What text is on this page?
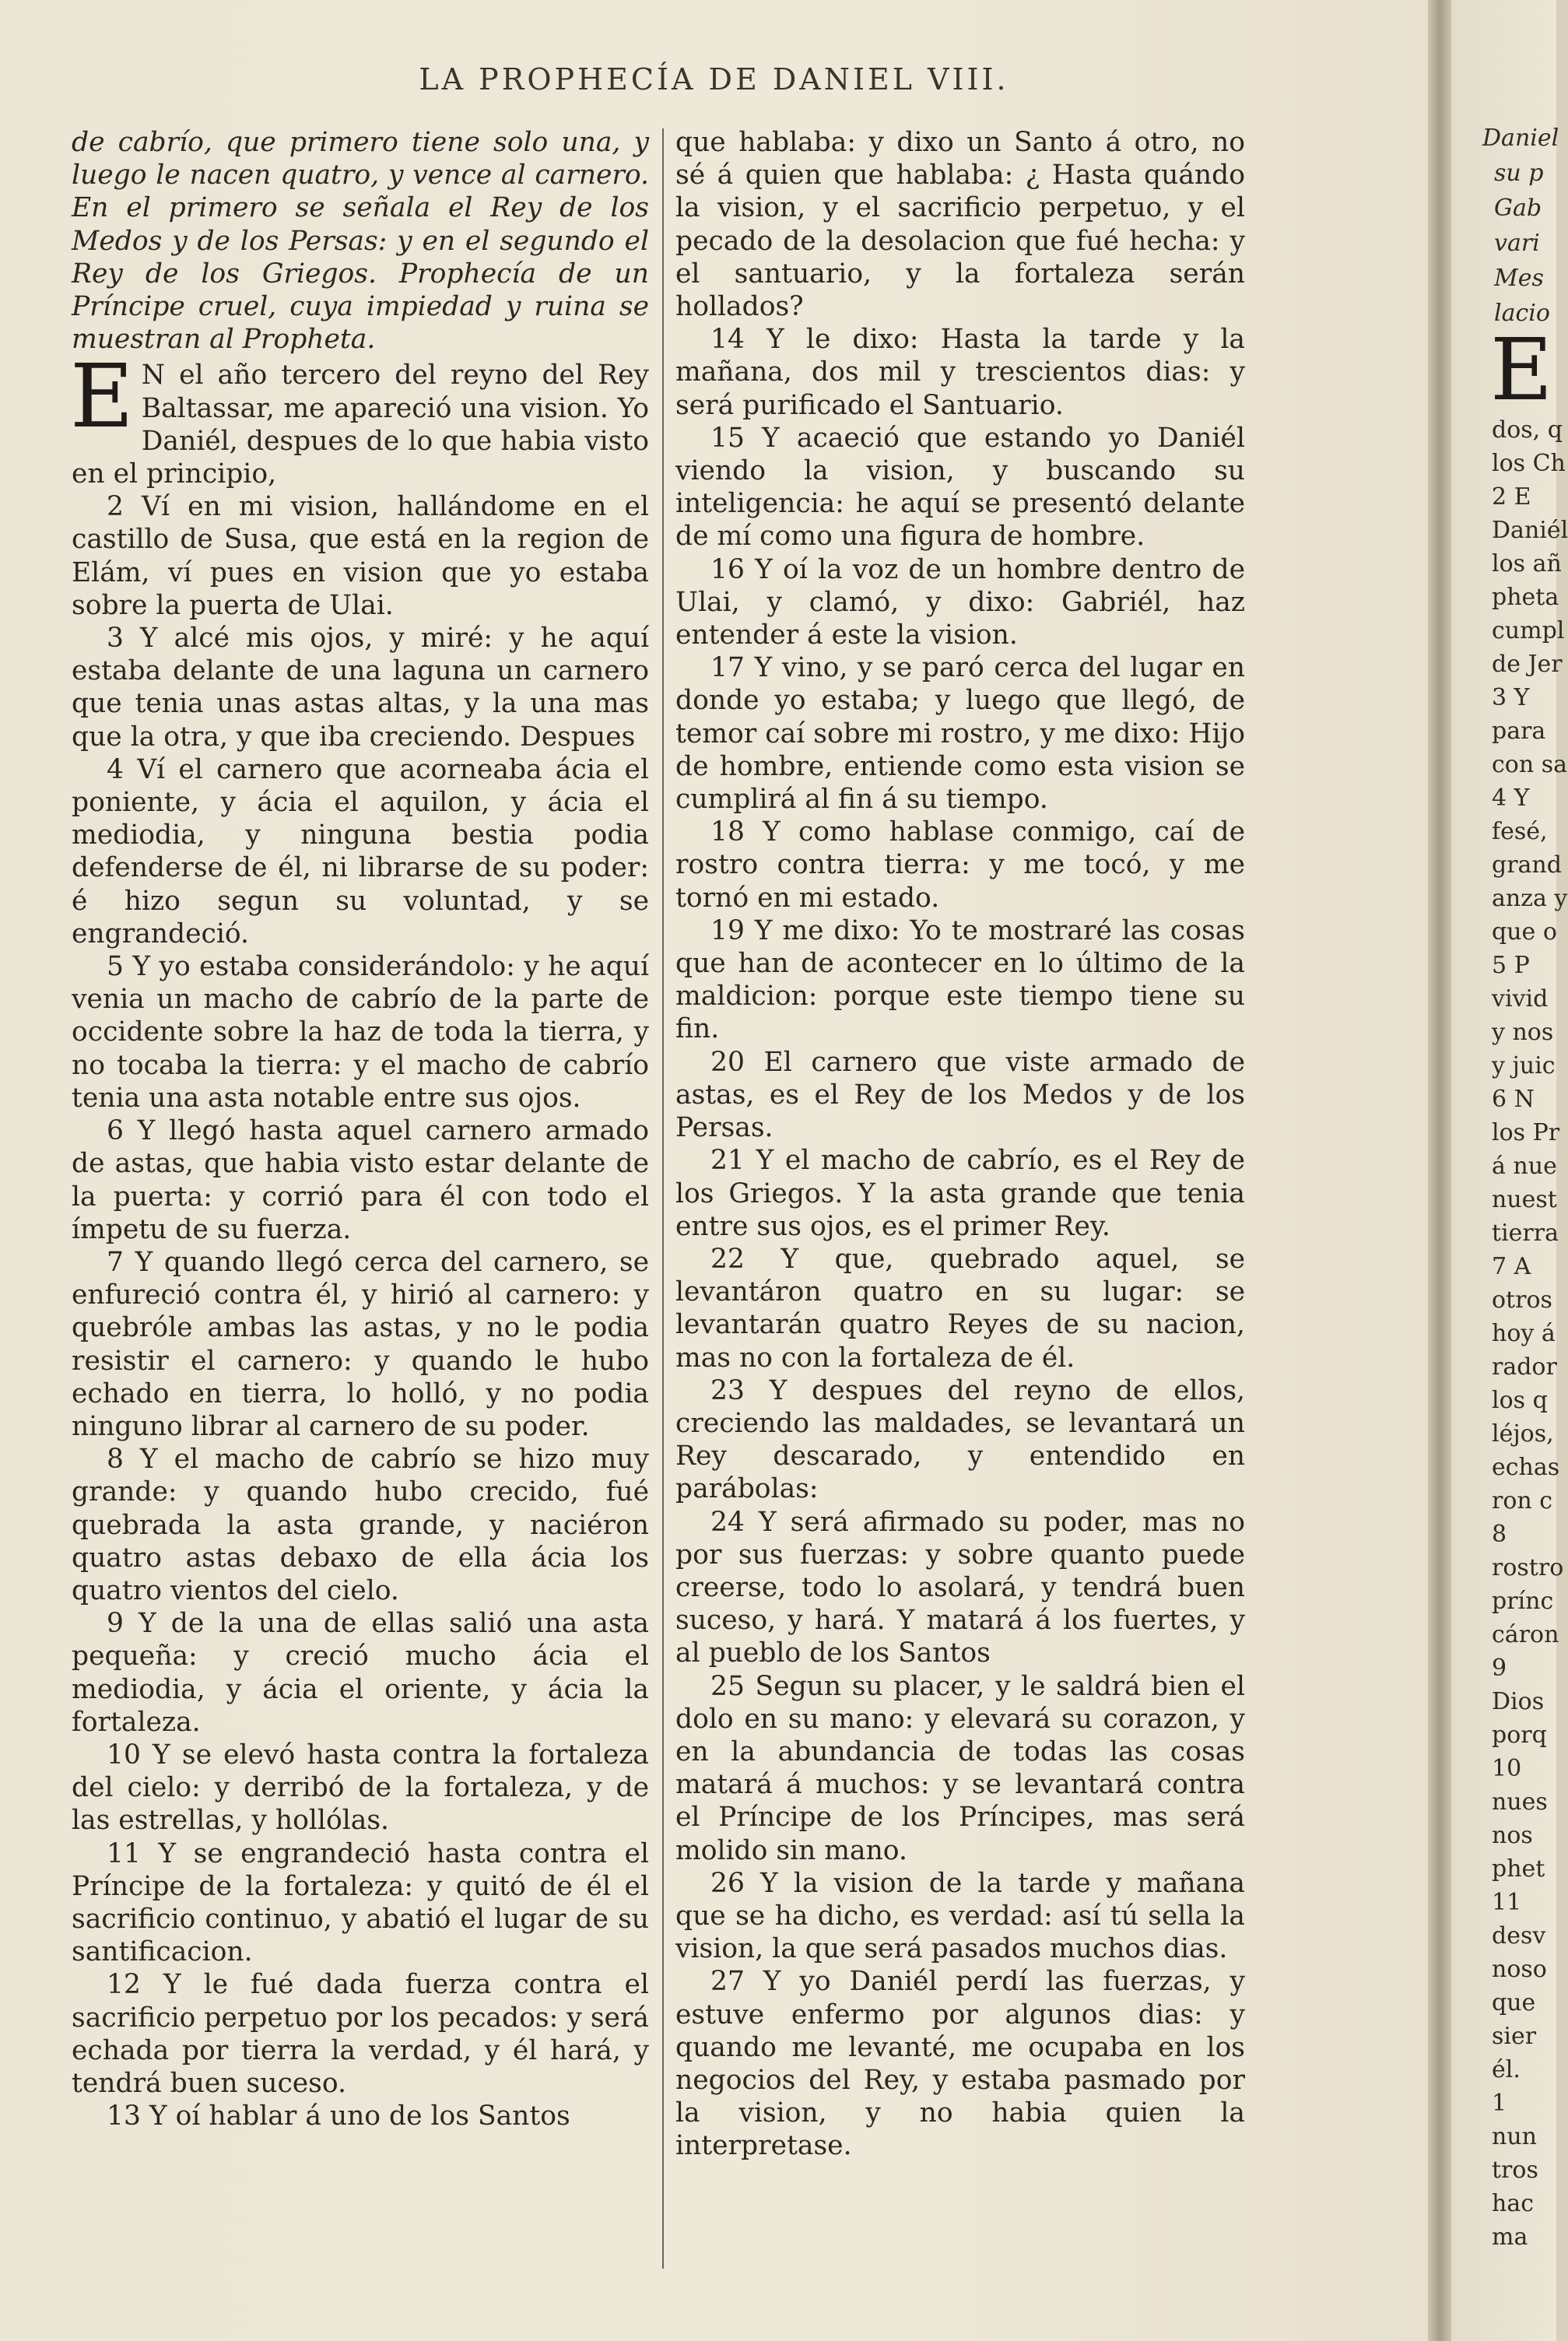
LA PROPHECÍA DE DANIEL VIII.

de cabrío, que primero tiene solo una, y luego le nacen quatro, y vence al carnero. En el primero se señala el Rey de los Medos y de los Persas: y en el segundo el Rey de los Griegos. Prophecía de un Príncipe cruel, cuya impiedad y ruina se muestran al Propheta.

E N el año tercero del reyno del Rey Baltassar, me apareció una vision. Yo Daniél, despues de lo que habia visto en el principio,

2 Ví en mi vision, hallándome en el castillo de Susa, que está en la region de Elám, ví pues en vision que yo estaba sobre la puerta de Ulai.

3 Y alcé mis ojos, y miré: y he aquí estaba delante de una laguna un carnero que tenia unas astas altas, y la una mas que la otra, y que iba creciendo. Despues

4 Ví el carnero que acorneaba ácia el poniente, y ácia el aquilon, y ácia el mediodia, y ninguna bestia podia defenderse de él, ni librarse de su poder: é hizo segun su voluntad, y se engrandeció.

5 Y yo estaba considerándolo: y he aquí venia un macho de cabrío de la parte de occidente sobre la haz de toda la tierra, y no tocaba la tierra: y el macho de cabrío tenia una asta notable entre sus ojos.

6 Y llegó hasta aquel carnero armado de astas, que habia visto estar delante de la puerta: y corrió para él con todo el ímpetu de su fuerza.

7 Y quando llegó cerca del carnero, se enfureció contra él, y hirió al carnero: y quebróle ambas las astas, y no le podia resistir el carnero: y quando le hubo echado en tierra, lo holló, y no podia ninguno librar al carnero de su poder.

8 Y el macho de cabrío se hizo muy grande: y quando hubo crecido, fué quebrada la asta grande, y naciéron quatro astas debaxo de ella ácia los quatro vientos del cielo.

9 Y de la una de ellas salió una asta pequeña: y creció mucho ácia el mediodia, y ácia el oriente, y ácia la fortaleza.

10 Y se elevó hasta contra la fortaleza del cielo: y derribó de la fortaleza, y de las estrellas, y hollólas.

11 Y se engrandeció hasta contra el Príncipe de la fortaleza: y quitó de él el sacrificio continuo, y abatió el lugar de su santificacion.

12 Y le fué dada fuerza contra el sacrificio perpetuo por los pecados: y será echada por tierra la verdad, y él hará, y tendrá buen suceso.

13 Y oí hablar á uno de los Santos

que hablaba: y dixo un Santo á otro, no sé á quien que hablaba: ¿ Hasta quándo la vision, y el sacrificio perpetuo, y el pecado de la desolacion que fué hecha: y el santuario, y la fortaleza serán hollados?

14 Y le dixo: Hasta la tarde y la mañana, dos mil y trescientos dias: y será purificado el Santuario.

15 Y acaeció que estando yo Daniél viendo la vision, y buscando su inteligencia: he aquí se presentó delante de mí como una figura de hombre.

16 Y oí la voz de un hombre dentro de Ulai, y clamó, y dixo: Gabriél, haz entender á este la vision.

17 Y vino, y se paró cerca del lugar en donde yo estaba; y luego que llegó, de temor caí sobre mi rostro, y me dixo: Hijo de hombre, entiende como esta vision se cumplirá al fin á su tiempo.

18 Y como hablase conmigo, caí de rostro contra tierra: y me tocó, y me tornó en mi estado.

19 Y me dixo: Yo te mostraré las cosas que han de acontecer en lo último de la maldicion: porque este tiempo tiene su fin.

20 El carnero que viste armado de astas, es el Rey de los Medos y de los Persas.

21 Y el macho de cabrío, es el Rey de los Griegos. Y la asta grande que tenia entre sus ojos, es el primer Rey.

22 Y que, quebrado aquel, se levantáron quatro en su lugar: se levantarán quatro Reyes de su nacion, mas no con la fortaleza de él.

23 Y despues del reyno de ellos, creciendo las maldades, se levantará un Rey descarado, y entendido en parábolas:

24 Y será afirmado su poder, mas no por sus fuerzas: y sobre quanto puede creerse, todo lo asolará, y tendrá buen suceso, y hará. Y matará á los fuertes, y al pueblo de los Santos

25 Segun su placer, y le saldrá bien el dolo en su mano: y elevará su corazon, y en la abundancia de todas las cosas matará á muchos: y se levantará contra el Príncipe de los Príncipes, mas será molido sin mano.

26 Y la vision de la tarde y mañana que se ha dicho, es verdad: así tú sella la vision, la que será pasados muchos dias.

27 Y yo Daniél perdí las fuerzas, y estuve enfermo por algunos dias: y quando me levanté, me ocupaba en los negocios del Rey, y estaba pasmado por la vision, y no habia quien la interpretase.

Daniel
su p
Gab
vari
Mes
lacio
E
dos, q
los Ch
2 E
Daniél
los añ
pheta
cumpl
de Jer
3 Y
para
con sa
4 Y
fesé,
grand
anza y
que o
5 P
vivid
y nos
y juic
6 N
los Pr
á nue
nuest
tierra
7 A
otros
hoy á
rador
los q
léjos,
echas
ron c
8
rostro
prínc
cáron
9
Dios
porq
10
nues
nos
phet
11
desv
noso
que
sier
él.
1
nun
tros
hac
ma
